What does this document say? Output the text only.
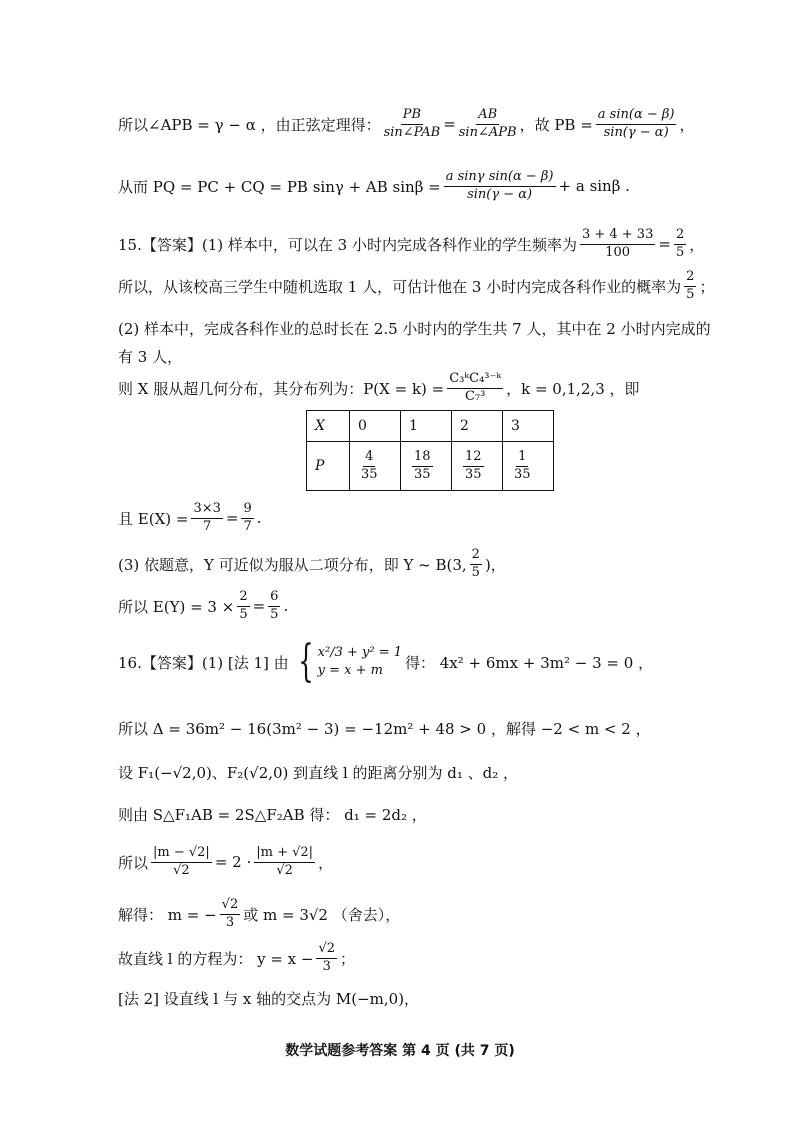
所以∠APB = γ − α ，由正弦定理得： $\frac{PB}{\text{sin∠PAB}} = \frac{AB}{\text{sin∠APB}}$ ，故 PB = $\frac{\text{a sin(α − β)}}{\sin(\gamma - \alpha)}$ ，
从而 PQ = PC + CQ = PB sinγ + AB $\sin\beta = \frac{\text{a sinγ sin(α − β)}}{\sin(\gamma - \alpha)} + a$ sinβ .
15.【答案】(1) 样本中，可以在 3 小时内完成各科作业的学生频率为 $\frac{3 + 4 + 33}{100} = \frac{2}{5}$ ，
所以，从该校高三学生中随机选取 1 人，可估计他在 3 小时内完成各科作业的概率为 $\frac{2}{5}$ ；
(2) 样本中，完成各科作业的总时长在 2.5 小时内的学生共 7 人，其中在 2 小时内完成的
有 3 人，
则 X 服从超几何分布，其分布列为：$P(X = k) = \frac{\text{C₃ᵏC₄³⁻ᵏ}}{\text{C₇³}}$ ，k = 0,1,2,3 ，即
X	0	1	2	3
P	$\frac{4}{35}$	$\frac{18}{35}$	$\frac{12}{35}$	$\frac{1}{35}$
且 $E(X) = \frac{3\times 3}{7} = \frac{9}{7}$ .
(3) 依题意，Y 可近似为服从二项分布，即 Y ~ B(3, $\frac{2}{5}$ )，
所以 $E(Y) = 3 \times \frac{2}{5} = \frac{6}{5}$ .
16.【答案】(1) [法 1] 由 { x²/3 + y² = 1
y = x + m	得： 4x² + 6mx + 3m² − 3 = 0 ，
所以 Δ = 36m² − 16(3m² − 3) = −12m² + 48 > 0 ，解得 −2 < m < 2 ，
设 F₁(−√2,0)、F₂(√2,0) 到直线 l 的距离分别为 d₁ 、d₂ ，
则由 S△F₁AB = 2S△F₂AB 得： d₁ = 2d₂ ，
所以 $\frac{|m - √2|}{√2} = 2 \cdot \frac{|m + √2|}{√2}$ ，
解得： m = − $\frac{√2}{3}$ 或 m = 3√2 （舍去），
故直线 l 的方程为： $y = x - \frac{√2}{3}$ ；
[法 2] 设直线 l 与 x 轴的交点为 M(−m,0)，
数学试题参考答案 第 4 页 (共 7 页)
